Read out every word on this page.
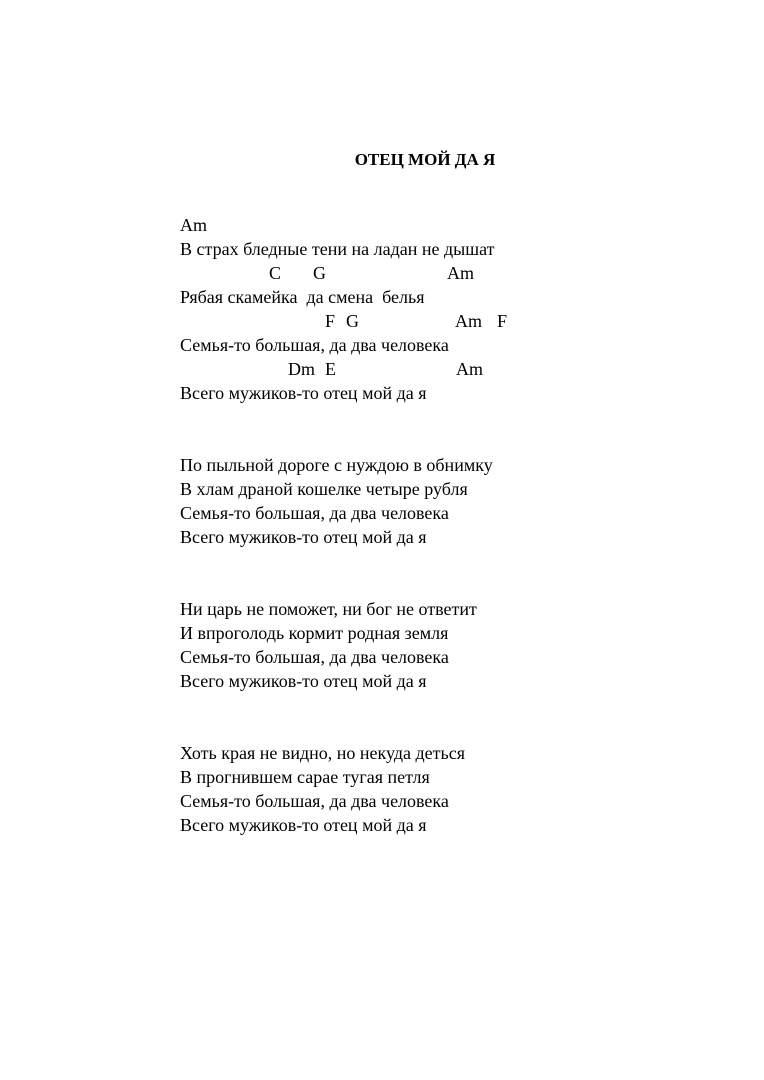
ОТЕЦ МОЙ ДА Я
Am
В страх бледные тени на ладан не дышат
C G	Am
Рябая скамейка  да смена  белья
F G	Am F
Семья-то большая, да два человека
Dm E	Am
Всего мужиков-то отец мой да я
По пыльной дороге с нуждою в обнимку
В хлам драной кошелке четыре рубля
Семья-то большая, да два человека
Всего мужиков-то отец мой да я
Ни царь не поможет, ни бог не ответит
И впроголодь кормит родная земля
Семья-то большая, да два человека
Всего мужиков-то отец мой да я
Хоть края не видно, но некуда деться
В прогнившем сарае тугая петля
Семья-то большая, да два человека
Всего мужиков-то отец мой да я
